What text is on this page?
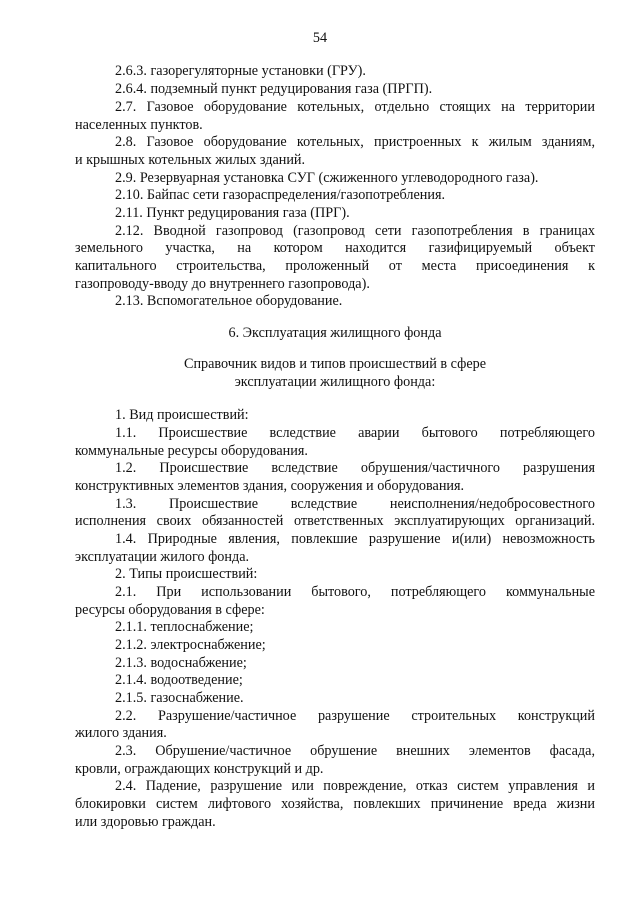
54
2.6.3. газорегуляторные установки (ГРУ).
2.6.4. подземный пункт редуцирования газа (ПРГП).
2.7. Газовое оборудование котельных, отдельно стоящих на территории
населенных пунктов.
2.8. Газовое оборудование котельных, пристроенных к жилым зданиям,
и крышных котельных жилых зданий.
2.9. Резервуарная установка СУГ (сжиженного углеводородного газа).
2.10. Байпас сети газораспределения/газопотребления.
2.11. Пункт редуцирования газа (ПРГ).
2.12. Вводной газопровод (газопровод сети газопотребления в границах
земельного участка, на котором находится газифицируемый объект
капитального строительства, проложенный от места присоединения к
газопроводу-вводу до внутреннего газопровода).
2.13. Вспомогательное оборудование.
6. Эксплуатация жилищного фонда
Справочник видов и типов происшествий в сфере
эксплуатации жилищного фонда:
1. Вид происшествий:
1.1. Происшествие вследствие аварии бытового потребляющего
коммунальные ресурсы оборудования.
1.2. Происшествие вследствие обрушения/частичного разрушения
конструктивных элементов здания, сооружения и оборудования.
1.3. Происшествие вследствие неисполнения/недобросовестного
исполнения своих обязанностей ответственных эксплуатирующих организаций.
1.4. Природные явления, повлекшие разрушение и(или) невозможность
эксплуатации жилого фонда.
2. Типы происшествий:
2.1. При использовании бытового, потребляющего коммунальные
ресурсы оборудования в сфере:
2.1.1. теплоснабжение;
2.1.2. электроснабжение;
2.1.3. водоснабжение;
2.1.4. водоотведение;
2.1.5. газоснабжение.
2.2. Разрушение/частичное разрушение строительных конструкций
жилого здания.
2.3. Обрушение/частичное обрушение внешних элементов фасада,
кровли, ограждающих конструкций и др.
2.4. Падение, разрушение или повреждение, отказ систем управления и
блокировки систем лифтового хозяйства, повлекших причинение вреда жизни
или здоровью граждан.
